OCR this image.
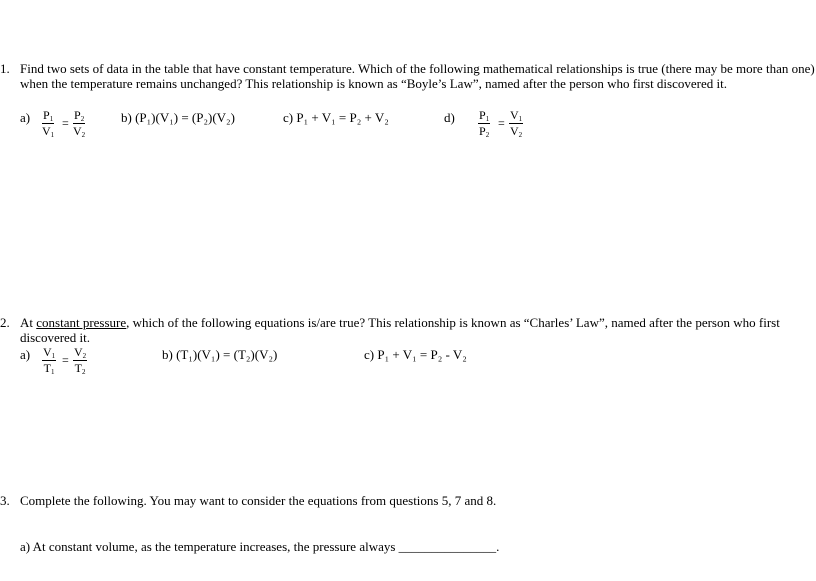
1. Find two sets of data in the table that have constant temperature. Which of the following mathematical relationships is true (there may be more than one) when the temperature remains unchanged? This relationship is known as “Boyle’s Law”, named after the person who first discovered it.
$a) \frac{P_1}{V_1} = \frac{P_2}{V_2}$	b) (P₁)(V₁) = (P₂)(V₂)	c) P₁ + V₁ = P₂ + V₂	$d) \frac{P_1}{P_2} = \frac{V_1}{V_2}$
2. At constant pressure, which of the following equations is/are true? This relationship is known as “Charles’ Law”, named after the person who first discovered it.
$a) \frac{V_1}{T_1} = \frac{V_2}{T_2}$	b) (T₁)(V₁) = (T₂)(V₂)	c) P₁ + V₁ = P₂ - V₂
3. Complete the following. You may want to consider the equations from questions 5, 7 and 8.
a) At constant volume, as the temperature increases, the pressure always _______________.
